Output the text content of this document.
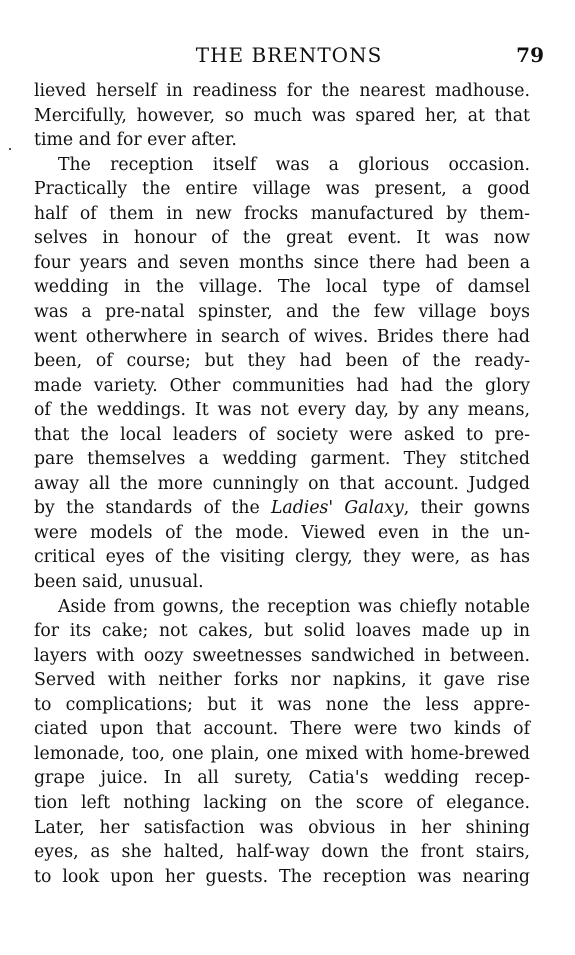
THE BRENTONS	79
lieved herself in readiness for the nearest madhouse.
Mercifully, however, so much was spared her, at that
time and for ever after.
The reception itself was a glorious occasion.
Practically the entire village was present, a good
half of them in new frocks manufactured by them-
selves in honour of the great event. It was now
four years and seven months since there had been a
wedding in the village. The local type of damsel
was a pre-natal spinster, and the few village boys
went otherwhere in search of wives. Brides there had
been, of course; but they had been of the ready-
made variety. Other communities had had the glory
of the weddings. It was not every day, by any means,
that the local leaders of society were asked to pre-
pare themselves a wedding garment. They stitched
away all the more cunningly on that account. Judged
by the standards of the Ladies' Galaxy, their gowns
were models of the mode. Viewed even in the un-
critical eyes of the visiting clergy, they were, as has
been said, unusual.
Aside from gowns, the reception was chiefly notable
for its cake; not cakes, but solid loaves made up in
layers with oozy sweetnesses sandwiched in between.
Served with neither forks nor napkins, it gave rise
to complications; but it was none the less appre-
ciated upon that account. There were two kinds of
lemonade, too, one plain, one mixed with home-brewed
grape juice. In all surety, Catia's wedding recep-
tion left nothing lacking on the score of elegance.
Later, her satisfaction was obvious in her shining
eyes, as she halted, half-way down the front stairs,
to look upon her guests. The reception was nearing
